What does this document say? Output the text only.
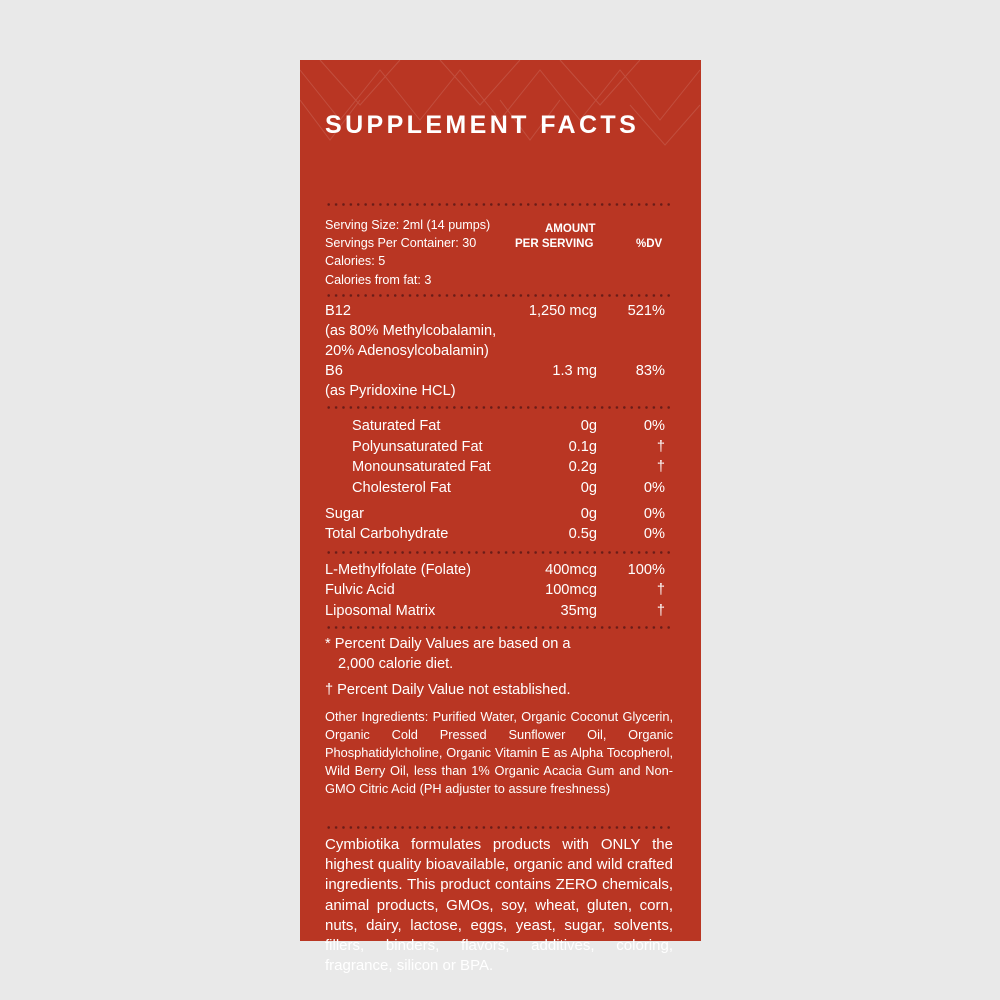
SUPPLEMENT FACTS
Serving Size: 2ml (14 pumps)
Servings Per Container: 30
Calories: 5
Calories from fat: 3
AMOUNT
PER SERVING	%DV
B12	1,250 mcg 521%
(as 80% Methylcobalamin,
20% Adenosylcobalamin)
B6	1.3 mg	83%
(as Pyridoxine HCL)
Saturated Fat	0g	0%
Polyunsaturated Fat	0.1g	†
Monounsaturated Fat	0.2g	†
Cholesterol Fat	0g	0%
Sugar	0g	0%
Total Carbohydrate	0.5g	0%
L-Methylfolate (Folate)	400mcg 100%
Fulvic Acid	100mcg	†
Liposomal Matrix	35mg	†
* Percent Daily Values are based on a
2,000 calorie diet.
† Percent Daily Value not established.
Other Ingredients: Purified Water, Organic Coconut Glycerin, Organic Cold Pressed Sunflower Oil, Organic Phosphatidylcholine, Organic Vitamin E as Alpha Tocopherol, Wild Berry Oil, less than 1% Organic Acacia Gum and Non-GMO Citric Acid (PH adjuster to assure freshness)
Cymbiotika formulates products with ONLY the highest quality bioavailable, organic and wild crafted ingredients. This product contains ZERO chemicals, animal products, GMOs, soy, wheat, gluten, corn, nuts, dairy, lactose, eggs, yeast, sugar, solvents, fillers, binders, flavors, additives, coloring, fragrance, silicon or BPA.
